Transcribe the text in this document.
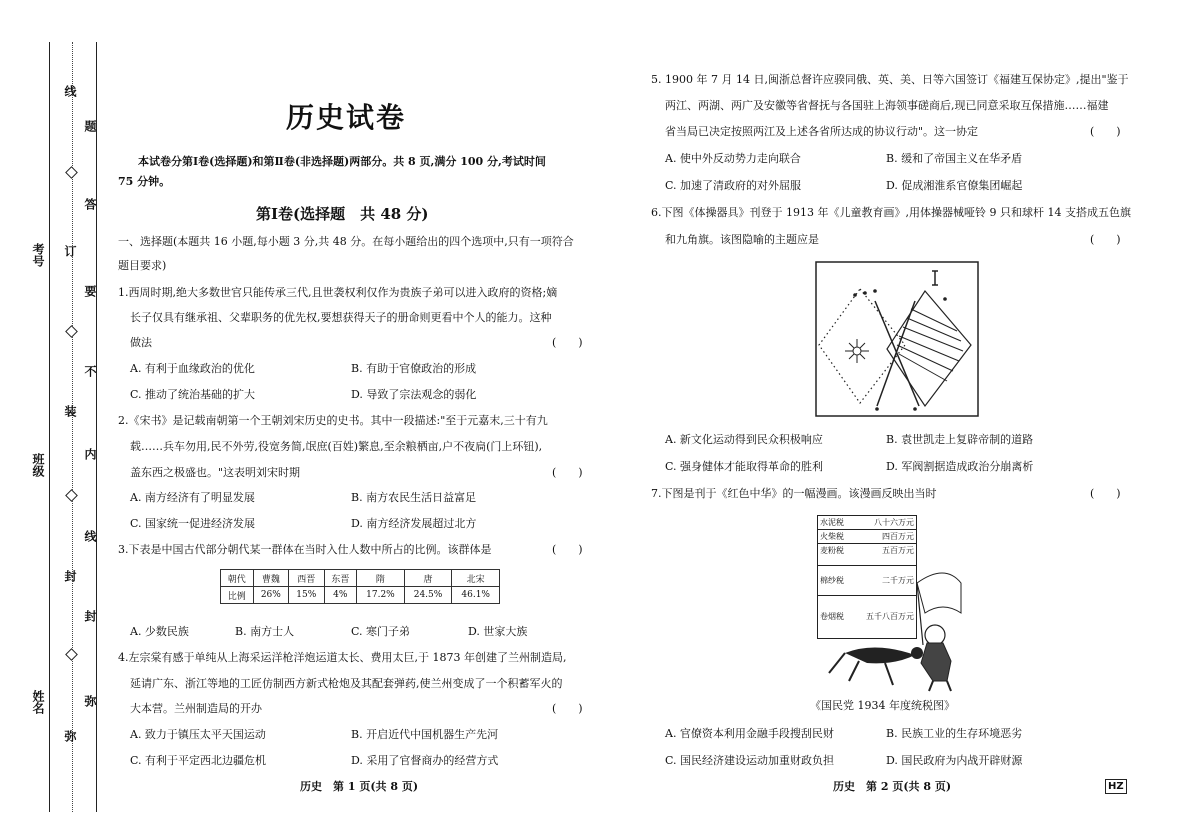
姓名
班级
考号
线
题
答
订
要
不
内
装
线
封
封
弥
弥
历史试卷
本试卷分第Ⅰ卷(选择题)和第Ⅱ卷(非选择题)两部分。共 8 页,满分 100 分,考试时间
75 分钟。
第Ⅰ卷(选择题　共 48 分)
一、选择题(本题共 16 小题,每小题 3 分,共 48 分。在每小题给出的四个选项中,只有一项符合
题目要求)
1.西周时期,绝大多数世官只能传承三代,且世袭权利仅作为贵族子弟可以进入政府的资格;嫡
长子仅具有继承祖、父辈职务的优先权,要想获得天子的册命则更看中个人的能力。这种
做法	(　　)
A. 有利于血缘政治的优化	B. 有助于官僚政治的形成
C. 推动了统治基础的扩大	D. 导致了宗法观念的弱化
2.《宋书》是记载南朝第一个王朝刘宋历史的史书。其中一段描述:"至于元嘉末,三十有九
载……兵车勿用,民不外劳,役宽务简,氓庶(百姓)繁息,至余粮栖亩,户不夜扃(门上环钮),
盖东西之极盛也。"这表明刘宋时期	(　　)
A. 南方经济有了明显发展	B. 南方农民生活日益富足
C. 国家统一促进经济发展	D. 南方经济发展超过北方
3.下表是中国古代部分朝代某一群体在当时入仕人数中所占的比例。该群体是	(　　)
朝代	曹魏	西晋	东晋	隋	唐	北宋
比例	26%	15%	4%	17.2%	24.5%	46.1%
A. 少数民族	B. 南方士人	C. 寒门子弟	D. 世家大族
4.左宗棠有感于单纯从上海采运洋枪洋炮运道太长、费用太巨,于 1873 年创建了兰州制造局,
延请广东、浙江等地的工匠仿制西方新式枪炮及其配套弹药,使兰州变成了一个积蓄军火的
大本营。兰州制造局的开办	(　　)
A. 致力于镇压太平天国运动	B. 开启近代中国机器生产先河
C. 有利于平定西北边疆危机	D. 采用了官督商办的经营方式
历史　第 1 页(共 8 页)
5. 1900 年 7 月 14 日,闽浙总督许应骙同俄、英、美、日等六国签订《福建互保协定》,提出"鉴于
两江、两湖、两广及安徽等省督抚与各国驻上海领事磋商后,现已同意采取互保措施……福建
省当局已决定按照两江及上述各省所达成的协议行动"。这一协定	(　　)
A. 使中外反动势力走向联合	B. 缓和了帝国主义在华矛盾
C. 加速了清政府的对外屈服	D. 促成湘淮系官僚集团崛起
6.下图《体操器具》刊登于 1913 年《儿童教育画》,用体操器械哑铃 9 只和球杆 14 支搭成五色旗
和九角旗。该图隐喻的主题应是	(　　)
A. 新文化运动得到民众积极响应	B. 袁世凯走上复辟帝制的道路
C. 强身健体才能取得革命的胜利	D. 军阀割据造成政治分崩离析
7.下图是刊于《红色中华》的一幅漫画。该漫画反映出当时	(　　)
水泥税	八十六万元
火柴税	四百万元
麦粉税	五百万元
棉纱税	二千万元
卷烟税	五千八百万元
《国民党 1934 年度统税图》
A. 官僚资本利用金融手段搜刮民财	B. 民族工业的生存环境恶劣
C. 国民经济建设运动加重财政负担	D. 国民政府为内战开辟财源
历史　第 2 页(共 8 页)	HZ
